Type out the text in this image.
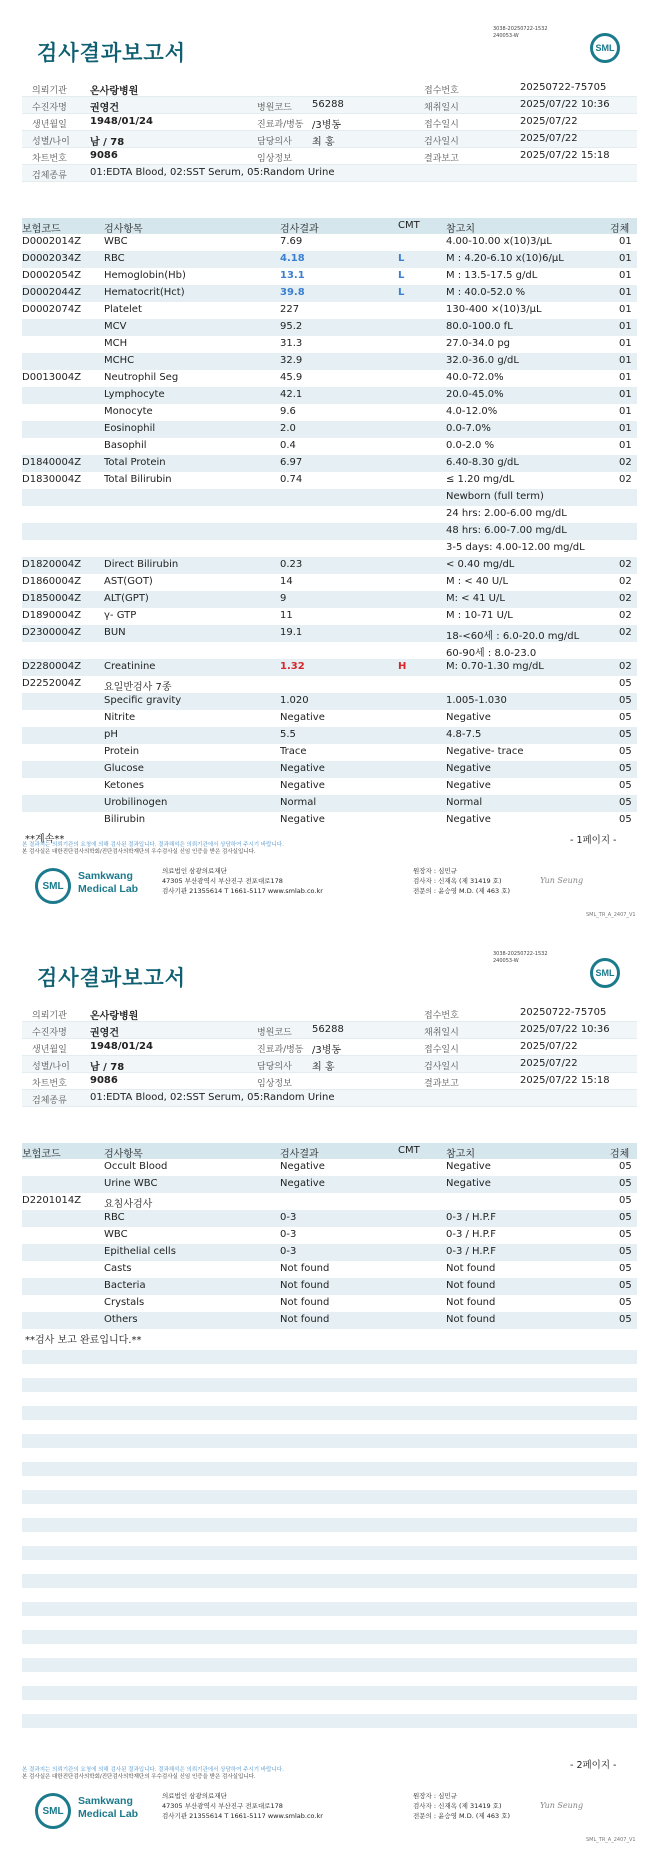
3038-20250722-1532
240053-W
검사결과보고서	SML
의뢰기관 온사랑병원	접수번호	20250722-75705
수진자명 권영건	병원코드 56288	채취일시	2025/07/22 10:36
생년월일 1948/01/24	진료과/병동 /3병동	접수일시	2025/07/22
성별/나이 남 / 78	담당의사 최 홍	검사일시	2025/07/22
차트번호 9086	임상정보	결과보고	2025/07/22 15:18
검체종류 01:EDTA Blood, 02:SST Serum, 05:Random Urine
보험코드	검사항목	검사결과	CMT	참고치	검체
D0002014Z WBC	7.69	4.00-10.00 x(10)3/μL	01
D0002034Z RBC	4.18	L	M : 4.20-6.10 x(10)6/μL	01
D0002054Z Hemoglobin(Hb)	13.1	L	M : 13.5-17.5 g/dL	01
D0002044Z Hematocrit(Hct)	39.8	L	M : 40.0-52.0 %	01
D0002074Z Platelet	227	130-400 ×(10)3/μL	01
MCV	95.2	80.0-100.0 fL	01
MCH	31.3	27.0-34.0 pg	01
MCHC	32.9	32.0-36.0 g/dL	01
D0013004Z Neutrophil Seg	45.9	40.0-72.0%	01
Lymphocyte	42.1	20.0-45.0%	01
Monocyte	9.6	4.0-12.0%	01
Eosinophil	2.0	0.0-7.0%	01
Basophil	0.4	0.0-2.0 %	01
D1840004Z Total Protein	6.97	6.40-8.30 g/dL	02
D1830004Z Total Bilirubin	0.74	≤ 1.20 mg/dL	02
Newborn (full term)
24 hrs: 2.00-6.00 mg/dL
48 hrs: 6.00-7.00 mg/dL
3-5 days: 4.00-12.00 mg/dL
D1820004Z Direct Bilirubin	0.23	< 0.40 mg/dL	02
D1860004Z AST(GOT)	14	M : < 40 U/L	02
D1850004Z ALT(GPT)	9	M: < 41 U/L	02
D1890004Z γ- GTP	11	M : 10-71 U/L	02
D2300004Z BUN	19.1	18-<60세 : 6.0-20.0 mg/dL	02
60-90세 : 8.0-23.0
D2280004Z Creatinine	1.32	H	M: 0.70-1.30 mg/dL	02
D2252004Z 요일반검사 7종	05
Specific gravity	1.020	1.005-1.030	05
Nitrite	Negative	Negative	05
pH	5.5	4.8-7.5	05
Protein	Trace	Negative- trace	05
Glucose	Negative	Negative	05
Ketones	Negative	Negative	05
Urobilinogen	Normal	Normal	05
Bilirubin	Negative	Negative	05
**계속**	- 1페이지 -
본 결과지는 의뢰기관의 요청에 의해 검사된 결과입니다. 결과해석은 의뢰기관에서 상담하여 주시기 바랍니다.
본 검사실은 대한진단검사의학회/진단검사의학재단의 우수검사실 신임 인증을 받은 검사실입니다.
SML
Samkwang
Medical Lab
의료법인 삼광의료재단
47305 부산광역시 부산진구 전포대로178
검사기관 21355614 T 1661-5117 www.smlab.co.kr
원장자 : 심민규
검사자 : 신재옥 (제 31419 호)
전문의 : 윤승영 M.D. (제 463 호)
Yun Seung
SML_TR_A_2407_V1
3038-20250722-1532
240053-W
검사결과보고서	SML
의뢰기관 온사랑병원	접수번호	20250722-75705
수진자명 권영건	병원코드 56288	채취일시	2025/07/22 10:36
생년월일 1948/01/24	진료과/병동 /3병동	접수일시	2025/07/22
성별/나이 남 / 78	담당의사 최 홍	검사일시	2025/07/22
차트번호 9086	임상정보	결과보고	2025/07/22 15:18
검체종류 01:EDTA Blood, 02:SST Serum, 05:Random Urine
보험코드	검사항목	검사결과	CMT	참고치	검체
Occult Blood	Negative	Negative	05
Urine WBC	Negative	Negative	05
D2201014Z 요침사검사	05
RBC	0-3	0-3 / H.P.F	05
WBC	0-3	0-3 / H.P.F	05
Epithelial cells	0-3	0-3 / H.P.F	05
Casts	Not found	Not found	05
Bacteria	Not found	Not found	05
Crystals	Not found	Not found	05
Others	Not found	Not found	05
**검사 보고 완료입니다.**
- 2페이지 -
본 결과지는 의뢰기관의 요청에 의해 검사된 결과입니다. 결과해석은 의뢰기관에서 상담하여 주시기 바랍니다.
본 검사실은 대한진단검사의학회/진단검사의학재단의 우수검사실 신임 인증을 받은 검사실입니다.
SML
Samkwang
Medical Lab
의료법인 삼광의료재단
47305 부산광역시 부산진구 전포대로178
검사기관 21355614 T 1661-5117 www.smlab.co.kr
원장자 : 심민규
검사자 : 신재옥 (제 31419 호)
전문의 : 윤승영 M.D. (제 463 호)
Yun Seung
SML_TR_A_2407_V1
